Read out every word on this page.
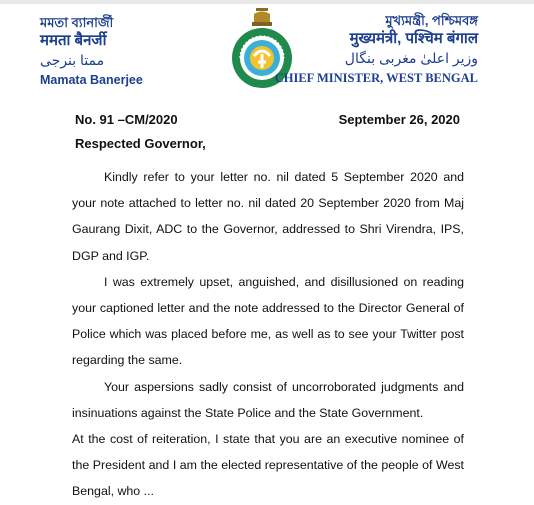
মমতা ব্যানার্জী
ममता बैनर्जी
ممتا بنرجی
Mamata Banerjee
মুখ্যমন্ত্রী, পশ্চিমবঙ্গ
मुख्यमंत्री, पश्चिम बंगाल
وزیر اعلیٰ مغربی بنگال
CHIEF MINISTER, WEST BENGAL
No. 91 –CM/2020	September 26, 2020
Respected Governor,

Kindly refer to your letter no. nil dated 5 September 2020 and your note attached to letter no. nil dated 20 September 2020 from Maj Gaurang Dixit, ADC to the Governor, addressed to Shri Virendra, IPS, DGP and IGP.

I was extremely upset, anguished, and disillusioned on reading your captioned letter and the note addressed to the Director General of Police which was placed before me, as well as to see your Twitter post regarding the same.

Your aspersions sadly consist of uncorroborated judgments and insinuations against the State Police and the State Government.

At the cost of reiteration, I state that you are an executive nominee of the President and I am the elected representative of the people of West Bengal, who ...
